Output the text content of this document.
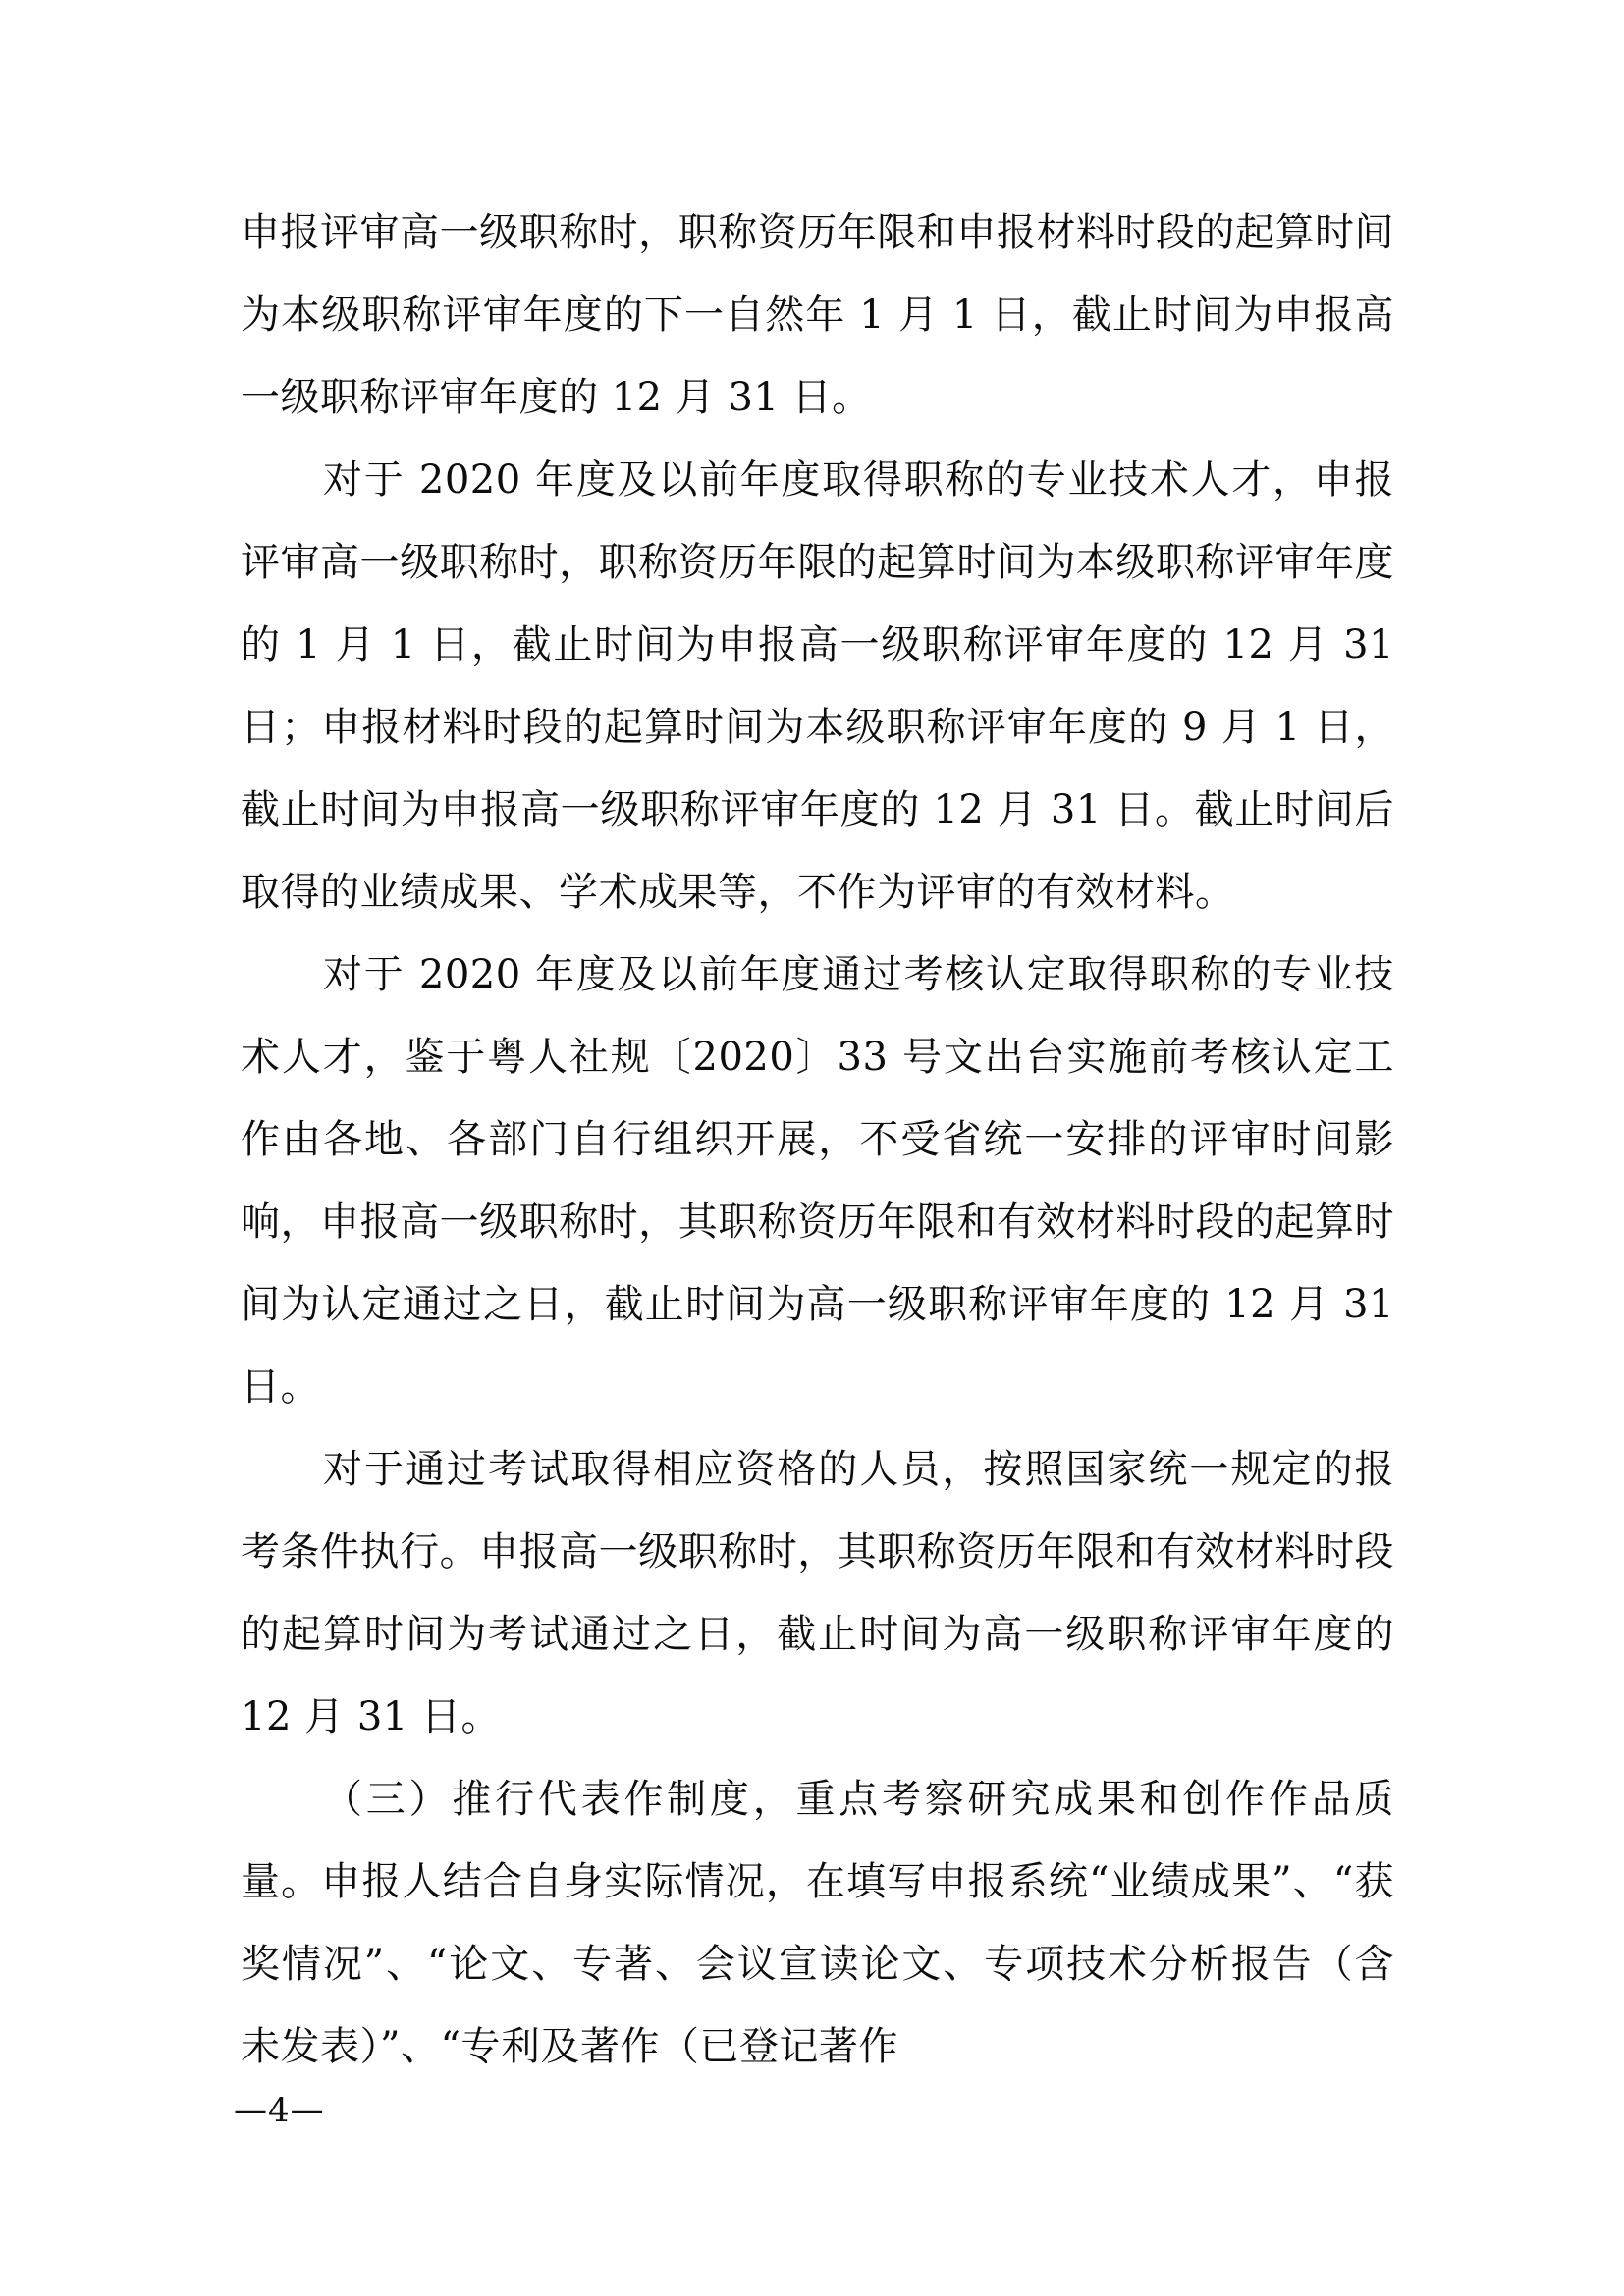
申报评审高一级职称时，职称资历年限和申报材料时段的起算时间为本级职称评审年度的下一自然年 1 月 1 日，截止时间为申报高一级职称评审年度的 12 月 31 日。

对于 2020 年度及以前年度取得职称的专业技术人才，申报评审高一级职称时，职称资历年限的起算时间为本级职称评审年度的 1 月 1 日，截止时间为申报高一级职称评审年度的 12 月 31 日；申报材料时段的起算时间为本级职称评审年度的 9 月 1 日，截止时间为申报高一级职称评审年度的 12 月 31 日。截止时间后取得的业绩成果、学术成果等，不作为评审的有效材料。

对于 2020 年度及以前年度通过考核认定取得职称的专业技术人才，鉴于粤人社规〔2020〕33 号文出台实施前考核认定工作由各地、各部门自行组织开展，不受省统一安排的评审时间影响，申报高一级职称时，其职称资历年限和有效材料时段的起算时间为认定通过之日，截止时间为高一级职称评审年度的 12 月 31 日。

对于通过考试取得相应资格的人员，按照国家统一规定的报考条件执行。申报高一级职称时，其职称资历年限和有效材料时段的起算时间为考试通过之日，截止时间为高一级职称评审年度的 12 月 31 日。

（三）推行代表作制度，重点考察研究成果和创作作品质量。申报人结合自身实际情况，在填写申报系统“业绩成果”、“获奖情况”、“论文、专著、会议宣读论文、专项技术分析报告（含未发表）”、“专利及著作（已登记著作

—4—
